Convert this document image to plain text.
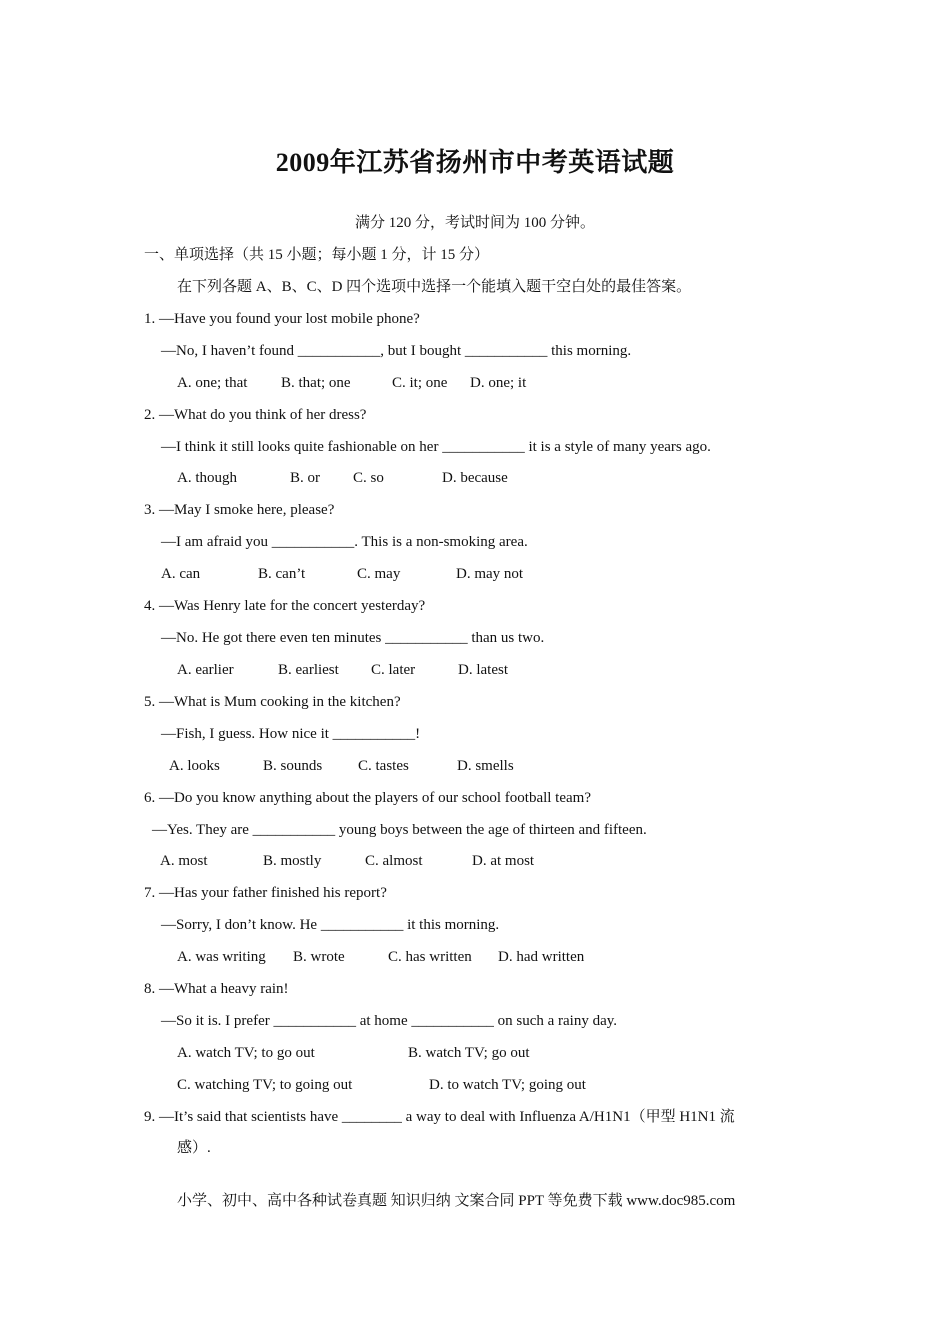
2009年江苏省扬州市中考英语试题
满分 120 分，考试时间为 100 分钟。
一、单项选择（共 15 小题；每小题 1 分，计 15 分）
在下列各题 A、B、C、D 四个选项中选择一个能填入题干空白处的最佳答案。
1. —Have you found your lost mobile phone?
—No, I haven’t found ___________, but I bought ___________ this morning.
A. one; that B. that; one	C. it; one D. one; it
2. —What do you think of her dress?
—I think it still looks quite fashionable on her ___________ it is a style of many years ago.
A. though	B. or C. so	D. because
3. —May I smoke here, please?
—I am afraid you ___________. This is a non-smoking area.
A. can	B. can’t	C. may	D. may not
4. —Was Henry late for the concert yesterday?
—No. He got there even ten minutes ___________ than us two.
A. earlier	B. earliest C. later	D. latest
5. —What is Mum cooking in the kitchen?
—Fish, I guess. How nice it ___________!
A. looks	B. sounds C. tastes	D. smells
6. —Do you know anything about the players of our school football team?
—Yes. They are ___________ young boys between the age of thirteen and fifteen.
A. most	B. mostly	C. almost	D. at most
7. —Has your father finished his report?
—Sorry, I don’t know. He ___________ it this morning.
A. was writing B. wrote	C. has written D. had written
8. —What a heavy rain!
—So it is. I prefer ___________ at home ___________ on such a rainy day.
A. watch TV; to go out	B. watch TV; go out
C. watching TV; to going out	D. to watch TV; going out
9. —It’s said that scientists have ________ a way to deal with Influenza A/H1N1（甲型 H1N1 流
感）.
小学、初中、高中各种试卷真题 知识归纳 文案合同 PPT 等免费下载 www.doc985.com
